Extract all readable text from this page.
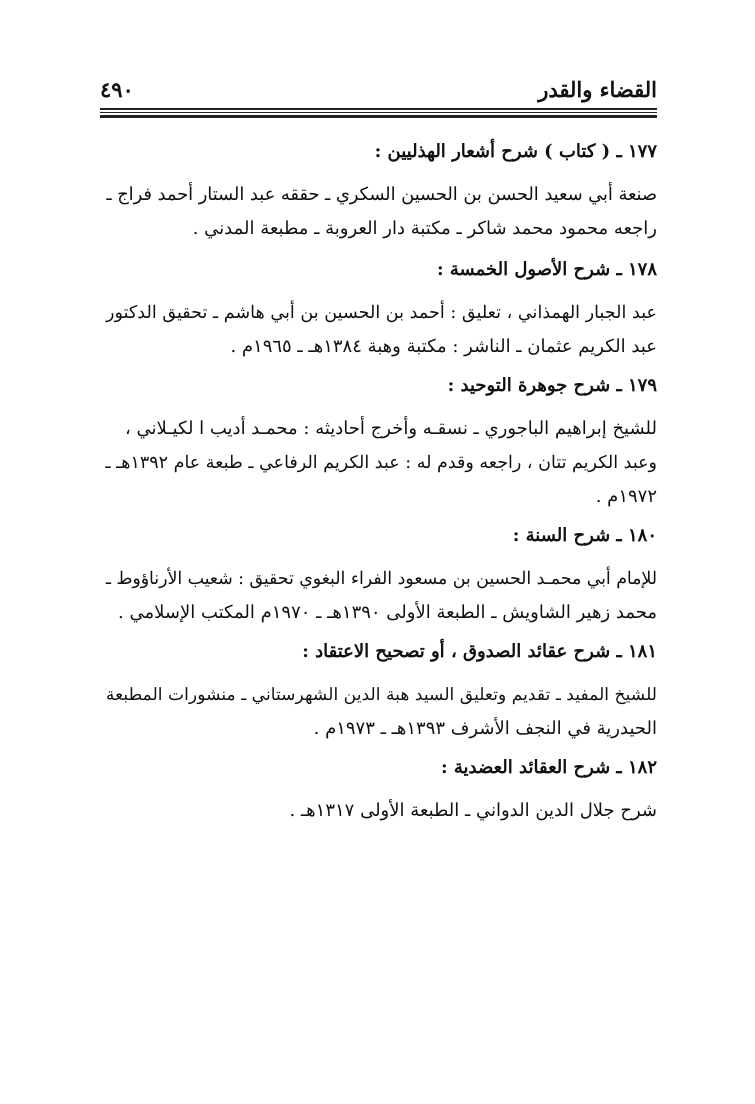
القضاء والقدر
٤٩٠
١٧٧ ـ ( كتاب ) شرح أشعار الهذليين :
صنعة أبي سعيد الحسن بن الحسين السكري ـ حققه عبد الستار أحمد فراج ـ
راجعه محمود محمد شاكر ـ مكتبة دار العروبة ـ مطبعة المدني .
١٧٨ ـ شرح الأصول الخمسة :
عبد الجبار الهمذاني ، تعليق : أحمد بن الحسين بن أبي هاشم ـ تحقيق الدكتور
عبد الكريم عثمان ـ الناشر : مكتبة وهبة ١٣٨٤هـ ـ ١٩٦٥م .
١٧٩ ـ شرح جوهرة التوحيد :
للشيخ إبراهيم الباجوري ـ نسقـه وأخرج أحاديثه : محمـد أديب ا لكيـلاني ،
وعبد الكريم تتان ، راجعه وقدم له : عبد الكريم الرفاعي ـ طبعة عام ١٣٩٢هـ ـ
١٩٧٢م .
١٨٠ ـ شرح السنة :
للإمام أبي محمـد الحسين بن مسعود الفراء البغوي تحقيق : شعيب الأرناؤوط ـ
محمد زهير الشاويش ـ الطبعة الأولى ١٣٩٠هـ ـ ١٩٧٠م المكتب الإسلامي .
١٨١ ـ شرح عقائد الصدوق ، أو تصحيح الاعتقاد :
للشيخ المفيد ـ تقديم وتعليق السيد هبة الدين الشهرستاني ـ منشورات المطبعة
الحيدرية في النجف الأشرف ١٣٩٣هـ ـ ١٩٧٣م .
١٨٢ ـ شرح العقائد العضدية :
شرح جلال الدين الدواني ـ الطبعة الأولى ١٣١٧هـ .
